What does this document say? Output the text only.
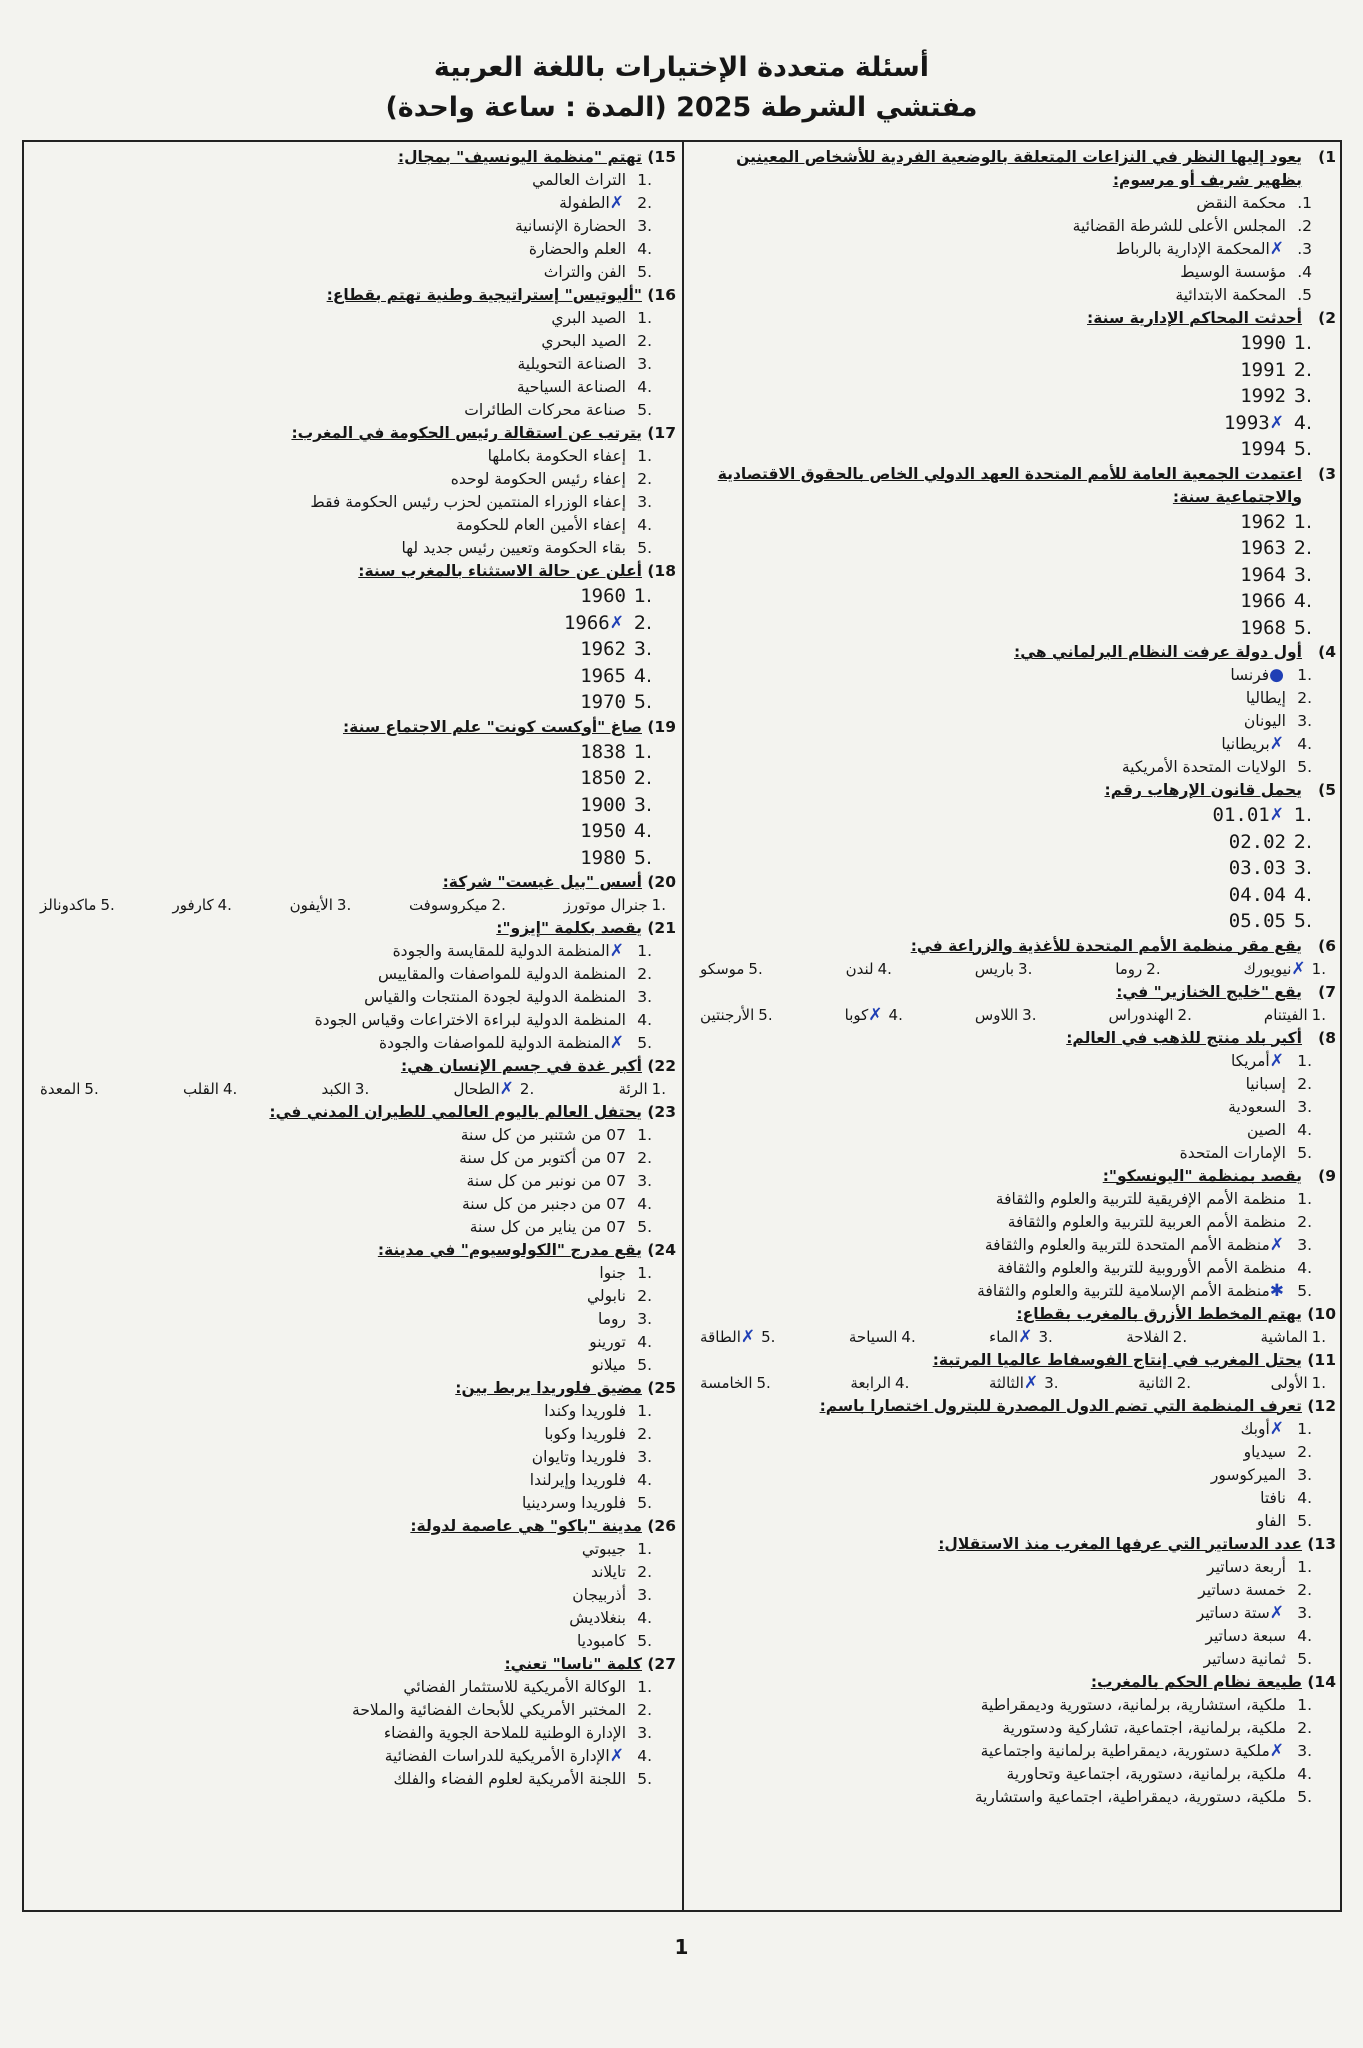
أسئلة متعددة الإختيارات باللغة العربية
مفتشي الشرطة 2025 (المدة : ساعة واحدة)
1)
يعود إليها النظر في النزاعات المتعلقة بالوضعية الفردية للأشخاص المعينين بظهير شريف أو مرسوم:
1.
محكمة النقض
2.
المجلس الأعلى للشرطة القضائية
3.
✗
المحكمة الإدارية بالرباط
4.
مؤسسة الوسيط
5.
المحكمة الابتدائية
2)
أحدثت المحاكم الإدارية سنة:
.1
1990
.2
1991
.3
1992
.4
✗
1993
.5
1994
3)
اعتمدت الجمعية العامة للأمم المتحدة العهد الدولي الخاص بالحقوق الاقتصادية والاجتماعية سنة:
.1
1962
.2
1963
.3
1964
.4
1966
.5
1968
4)
أول دولة عرفت النظام البرلماني هي:
.1
●
فرنسا
.2
إيطاليا
.3
اليونان
.4
✗
بريطانيا
.5
الولايات المتحدة الأمريكية
5)
يحمل قانون الإرهاب رقم:
.1
✗
01.01
.2
02.02
.3
03.03
.4
04.04
.5
05.05
6)
يقع مقر منظمة الأمم المتحدة للأغذية والزراعة في:
.1
✗
نيويورك
.2
روما
.3
باريس
.4
لندن
.5
موسكو
7)
يقع "خليج الخنازير" في:
.1
الفيتنام
.2
الهندوراس
.3
اللاوس
.4
✗
كوبا
.5
الأرجنتين
8)
أكبر بلد منتج للذهب في العالم:
.1
✗
أمريكا
.2
إسبانيا
.3
السعودية
.4
الصين
.5
الإمارات المتحدة
9)
يقصد بمنظمة "اليونسكو":
.1
منظمة الأمم الإفريقية للتربية والعلوم والثقافة
.2
منظمة الأمم العربية للتربية والعلوم والثقافة
.3
✗
منظمة الأمم المتحدة للتربية والعلوم والثقافة
.4
منظمة الأمم الأوروبية للتربية والعلوم والثقافة
.5
✱
منظمة الأمم الإسلامية للتربية والعلوم والثقافة
10)
يهتم المخطط الأزرق بالمغرب بقطاع:
.1
الماشية
.2
الفلاحة
.3
✗
الماء
.4
السياحة
.5
✗
الطاقة
11)
يحتل المغرب في إنتاج الفوسفاط عالميا المرتبة:
.1
الأولى
.2
الثانية
.3
✗
الثالثة
.4
الرابعة
.5
الخامسة
12)
تعرف المنظمة التي تضم الدول المصدرة للبترول اختصارا باسم:
.1
✗
أوبك
.2
سيدياو
.3
الميركوسور
.4
نافتا
.5
الفاو
13)
عدد الدساتير التي عرفها المغرب منذ الاستقلال:
.1
أربعة دساتير
.2
خمسة دساتير
.3
✗
ستة دساتير
.4
سبعة دساتير
.5
ثمانية دساتير
14)
طبيعة نظام الحكم بالمغرب:
.1
ملكية، استشارية، برلمانية، دستورية وديمقراطية
.2
ملكية، برلمانية، اجتماعية، تشاركية ودستورية
.3
✗
ملكية دستورية، ديمقراطية برلمانية واجتماعية
.4
ملكية، برلمانية، دستورية، اجتماعية وتحاورية
.5
ملكية، دستورية، ديمقراطية، اجتماعية واستشارية
15)
تهتم "منظمة اليونسيف" بمجال:
.1
التراث العالمي
.2
✗
الطفولة
.3
الحضارة الإنسانية
.4
العلم والحضارة
.5
الفن والتراث
16)
"أليوتيس" إستراتيجية وطنية تهتم بقطاع:
.1
الصيد البري
.2
الصيد البحري
.3
الصناعة التحويلية
.4
الصناعة السياحية
.5
صناعة محركات الطائرات
17)
يترتب عن استقالة رئيس الحكومة في المغرب:
.1
إعفاء الحكومة بكاملها
.2
إعفاء رئيس الحكومة لوحده
.3
إعفاء الوزراء المنتمين لحزب رئيس الحكومة فقط
.4
إعفاء الأمين العام للحكومة
.5
بقاء الحكومة وتعيين رئيس جديد لها
18)
أعلن عن حالة الاستثناء بالمغرب سنة:
.1
1960
.2
✗
1966
.3
1962
.4
1965
.5
1970
19)
صاغ "أوكست كونت" علم الاجتماع سنة:
.1
1838
.2
1850
.3
1900
.4
1950
.5
1980
20)
أسس "بيل غيست" شركة:
.1
جنرال موتورز
.2
ميكروسوفت
.3
الأيفون
.4
كارفور
.5
ماكدونالز
21)
يقصد بكلمة "إيزو":
.1
✗
المنظمة الدولية للمقايسة والجودة
.2
المنظمة الدولية للمواصفات والمقاييس
.3
المنظمة الدولية لجودة المنتجات والقياس
.4
المنظمة الدولية لبراءة الاختراعات وقياس الجودة
.5
✗
المنظمة الدولية للمواصفات والجودة
22)
أكبر غدة في جسم الإنسان هي:
.1
الرئة
.2
✗
الطحال
.3
الكبد
.4
القلب
.5
المعدة
23)
يحتفل العالم باليوم العالمي للطيران المدني في:
.1
07 من شتنبر من كل سنة
.2
07 من أكتوبر من كل سنة
.3
07 من نونبر من كل سنة
.4
07 من دجنبر من كل سنة
.5
07 من يناير من كل سنة
24)
يقع مدرج "الكولوسيوم" في مدينة:
.1
جنوا
.2
نابولي
.3
روما
.4
تورينو
.5
ميلانو
25)
مضيق فلوريدا يربط بين:
.1
فلوريدا وكندا
.2
فلوريدا وكوبا
.3
فلوريدا وتايوان
.4
فلوريدا وإيرلندا
.5
فلوريدا وسردينيا
26)
مدينة "باكو" هي عاصمة لدولة:
.1
جيبوتي
.2
تايلاند
.3
أذربيجان
.4
بنغلاديش
.5
كامبوديا
27)
كلمة "ناسا" تعني:
.1
الوكالة الأمريكية للاستثمار الفضائي
.2
المختبر الأمريكي للأبحاث الفضائية والملاحة
.3
الإدارة الوطنية للملاحة الجوية والفضاء
.4
✗
الإدارة الأمريكية للدراسات الفضائية
.5
اللجنة الأمريكية لعلوم الفضاء والفلك
1
